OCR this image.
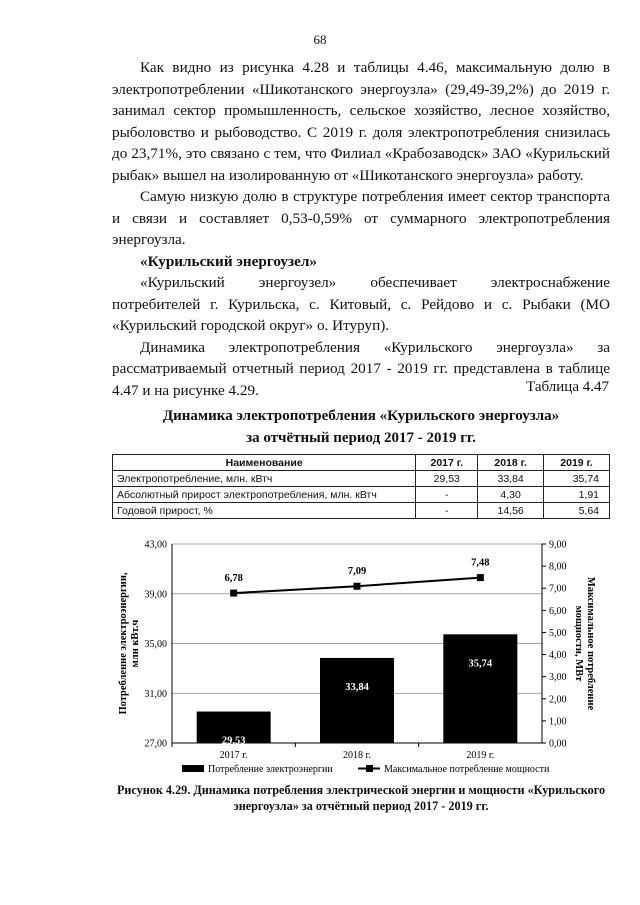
68

Как видно из рисунка 4.28 и таблицы 4.46, максимальную долю в электропотреблении «Шикотанского энергоузла» (29,49-39,2%) до 2019 г. занимал сектор промышленность, сельское хозяйство, лесное хозяйство, рыболовство и рыбоводство. С 2019 г. доля электропотребления снизилась до 23,71%, это связано с тем, что Филиал «Крабозаводск» ЗАО «Курильский рыбак» вышел на изолированную от «Шикотанского энергоузла» работу.

Самую низкую долю в структуре потребления имеет сектор транспорта и связи и составляет 0,53-0,59% от суммарного электропотребления энергоузла.

«Курильский энергоузел»

«Курильский энергоузел» обеспечивает электроснабжение потребителей г. Курильска, с. Китовый, с. Рейдово и с. Рыбаки (МО «Курильский городской округ» о. Итуруп).

Динамика электропотребления «Курильского энергоузла» за рассматриваемый отчетный период 2017 - 2019 гг. представлена в таблице 4.47 и на рисунке 4.29.	Таблица 4.47
Динамика электропотребления «Курильского энергоузла»
за отчётный период 2017 - 2019 гг.
Наименование	2017 г.	2018 г.	2019 г.
Электропотребление, млн. кВтч	29,53	33,84	35,74
Абсолютный прирост электропотребления, млн. кВтч	-	4,30	1,91
Годовой прирост, %	-	14,56	5,64
27,00
31,00
35,00
39,00
43,00
0,00
1,00
2,00
3,00
4,00
5,00
6,00
7,00
8,00
9,00
29,53
33,84
35,74
6,78
7,09
7,48
2017 г.	2018 г.	2019 г.
Потребление электроэнергии,млн кВт.ч	Максимальное потреблениемощности, МВт
Потребление электроэнергии	Максимальное потребление мощности
Рисунок 4.29. Динамика потребления электрической энергии и мощности «Курильского энергоузла» за отчётный период 2017 - 2019 гг.
